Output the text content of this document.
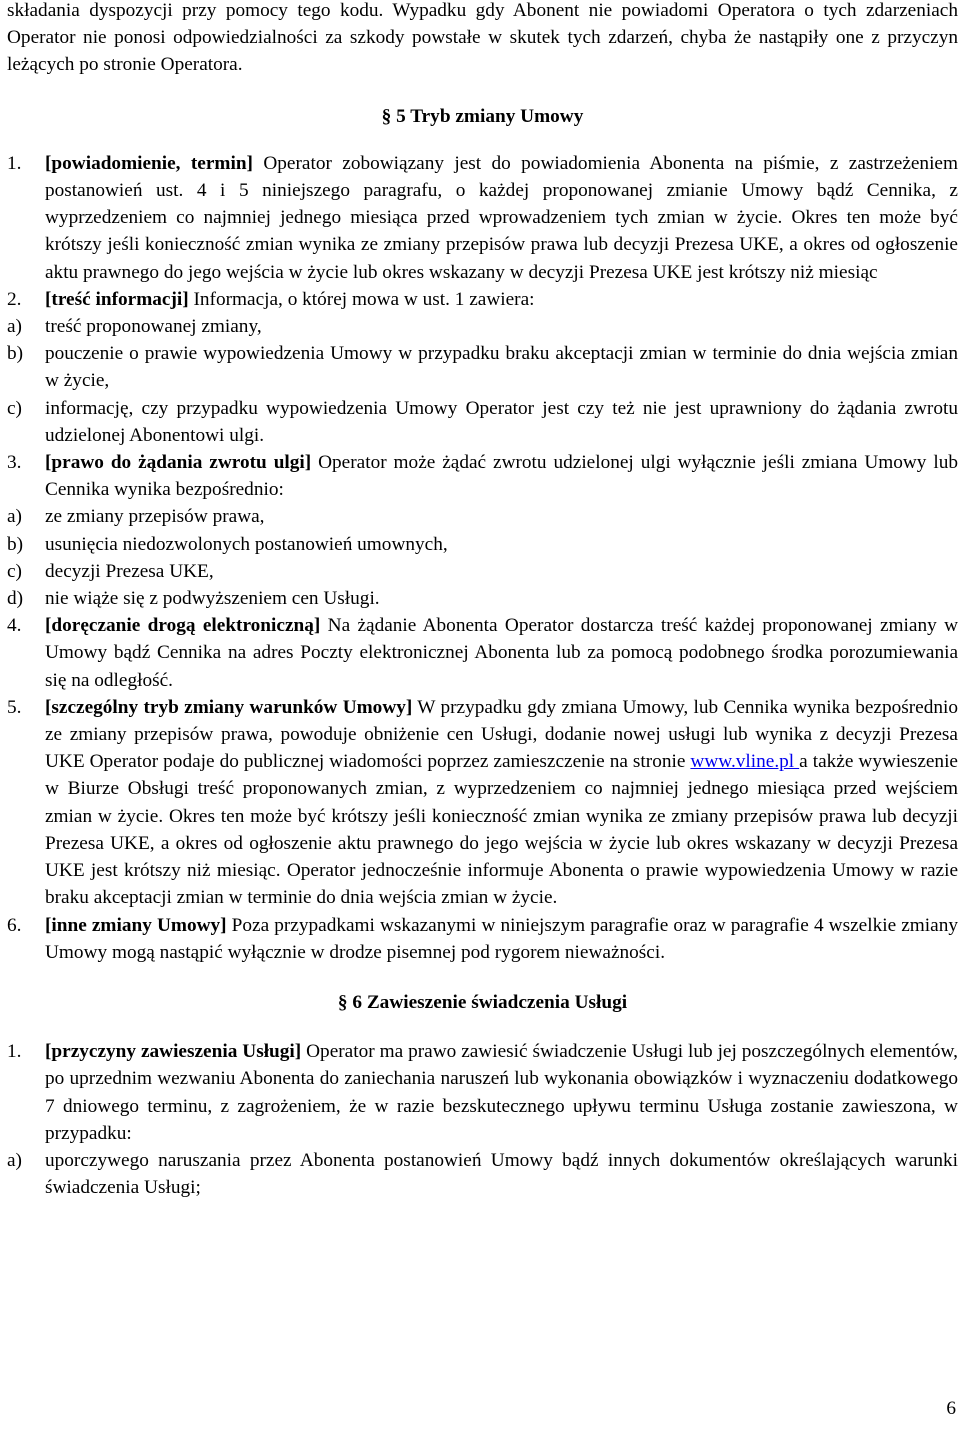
składania dyspozycji przy pomocy tego kodu. Wypadku gdy Abonent nie powiadomi Operatora o tych zdarzeniach Operator nie ponosi odpowiedzialności za szkody powstałe w skutek tych zdarzeń, chyba że nastąpiły one z przyczyn leżących po stronie Operatora.

§ 5 Tryb zmiany Umowy

1.	[powiadomienie, termin] Operator zobowiązany jest do powiadomienia Abonenta na piśmie, z zastrzeżeniem postanowień ust. 4 i 5 niniejszego paragrafu, o każdej proponowanej zmianie Umowy bądź Cennika, z wyprzedzeniem co najmniej jednego miesiąca przed wprowadzeniem tych zmian w życie. Okres ten może być krótszy jeśli konieczność zmian wynika ze zmiany przepisów prawa lub decyzji Prezesa UKE, a okres od ogłoszenie aktu prawnego do jego wejścia w życie lub okres wskazany w decyzji Prezesa UKE jest krótszy niż miesiąc
2.	[treść informacji] Informacja, o której mowa w ust. 1 zawiera:
a)	treść proponowanej zmiany,
b)	pouczenie o prawie wypowiedzenia Umowy w przypadku braku akceptacji zmian w terminie do dnia wejścia zmian w życie,
c)	informację, czy przypadku wypowiedzenia Umowy Operator jest czy też nie jest uprawniony do żądania zwrotu udzielonej Abonentowi ulgi.
3.	[prawo do żądania zwrotu ulgi] Operator może żądać zwrotu udzielonej ulgi wyłącznie jeśli zmiana Umowy lub Cennika wynika bezpośrednio:
a)	ze zmiany przepisów prawa,
b)	usunięcia niedozwolonych postanowień umownych,
c)	decyzji Prezesa UKE,
d)	nie wiąże się z podwyższeniem cen Usługi.
4.	[doręczanie drogą elektroniczną] Na żądanie Abonenta Operator dostarcza treść każdej proponowanej zmiany w Umowy bądź Cennika na adres Poczty elektronicznej Abonenta lub za pomocą podobnego środka porozumiewania się na odległość.
5.	[szczególny tryb zmiany warunków Umowy] W przypadku gdy zmiana Umowy, lub Cennika wynika bezpośrednio ze zmiany przepisów prawa, powoduje obniżenie cen Usługi, dodanie nowej usługi lub wynika z decyzji Prezesa UKE Operator podaje do publicznej wiadomości poprzez zamieszczenie na stronie www.vline.pl a także wywieszenie w Biurze Obsługi treść proponowanych zmian, z wyprzedzeniem co najmniej jednego miesiąca przed wejściem zmian w życie. Okres ten może być krótszy jeśli konieczność zmian wynika ze zmiany przepisów prawa lub decyzji Prezesa UKE, a okres od ogłoszenie aktu prawnego do jego wejścia w życie lub okres wskazany w decyzji Prezesa UKE jest krótszy niż miesiąc. Operator jednocześnie informuje Abonenta o prawie wypowiedzenia Umowy w razie braku akceptacji zmian w terminie do dnia wejścia zmian w życie.
6.	[inne zmiany Umowy] Poza przypadkami wskazanymi w niniejszym paragrafie oraz w paragrafie 4 wszelkie zmiany Umowy mogą nastąpić wyłącznie w drodze pisemnej pod rygorem nieważności.

§ 6 Zawieszenie świadczenia Usługi

1.	[przyczyny zawieszenia Usługi] Operator ma prawo zawiesić świadczenie Usługi lub jej poszczególnych elementów, po uprzednim wezwaniu Abonenta do zaniechania naruszeń lub wykonania obowiązków i wyznaczeniu dodatkowego 7 dniowego terminu, z zagrożeniem, że w razie bezskutecznego upływu terminu Usługa zostanie zawieszona, w przypadku:
a)	uporczywego naruszania przez Abonenta postanowień Umowy bądź innych dokumentów określających warunki świadczenia Usługi;
6
